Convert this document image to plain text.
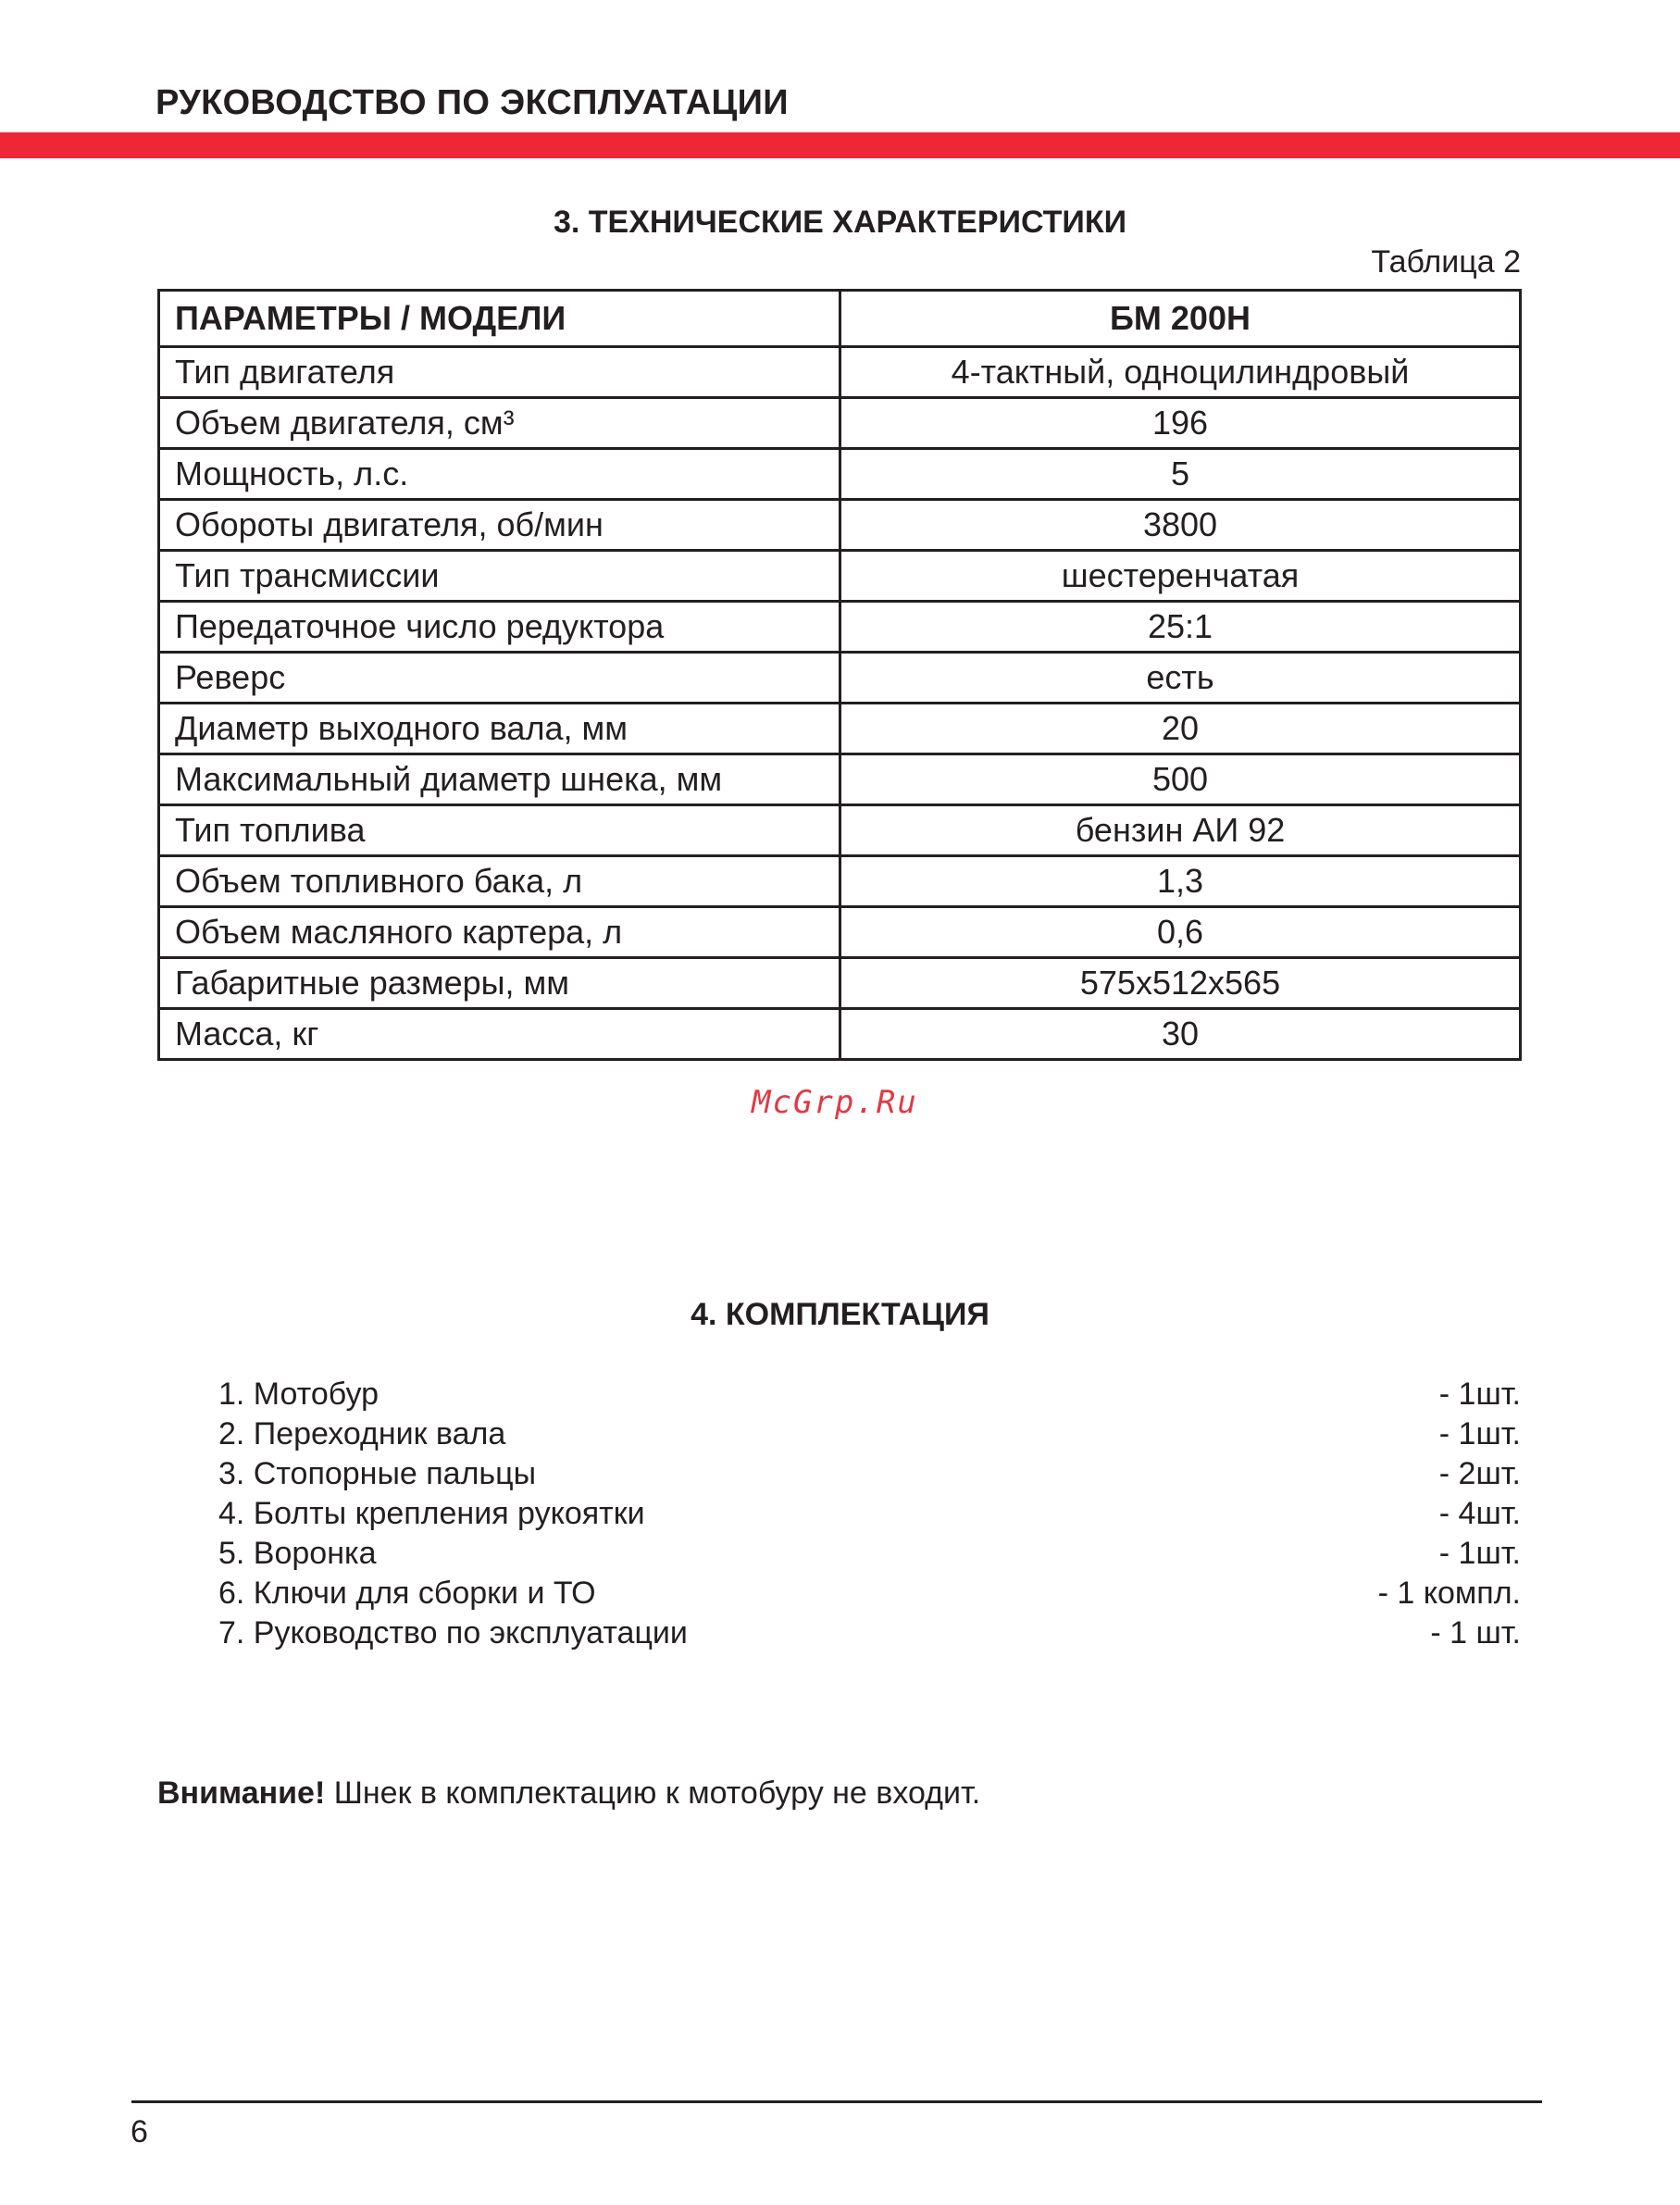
РУКОВОДСТВО ПО ЭКСПЛУАТАЦИИ
3. ТЕХНИЧЕСКИЕ ХАРАКТЕРИСТИКИ
Таблица 2
ПАРАМЕТРЫ / МОДЕЛИ	БМ 200Н
Тип двигателя	4-тактный, одноцилиндровый
Объем двигателя, см³	196
Мощность, л.с.	5
Обороты двигателя, об/мин	3800
Тип трансмиссии	шестеренчатая
Передаточное число редуктора	25:1
Реверс	есть
Диаметр выходного вала, мм	20
Максимальный диаметр шнека, мм	500
Тип топлива	бензин АИ 92
Объем топливного бака, л	1,3
Объем масляного картера, л	0,6
Габаритные размеры, мм	575х512х565
Масса, кг	30
McGrp.Ru
4. КОМПЛЕКТАЦИЯ
1. Мотобур	- 1шт.
2. Переходник вала	- 1шт.
3. Стопорные пальцы	- 2шт.
4. Болты крепления рукоятки	- 4шт.
5. Воронка	- 1шт.
6. Ключи для сборки и ТО	- 1 компл.
7. Руководство по эксплуатации	- 1 шт.
Внимание! Шнек в комплектацию к мотобуру не входит.
6
